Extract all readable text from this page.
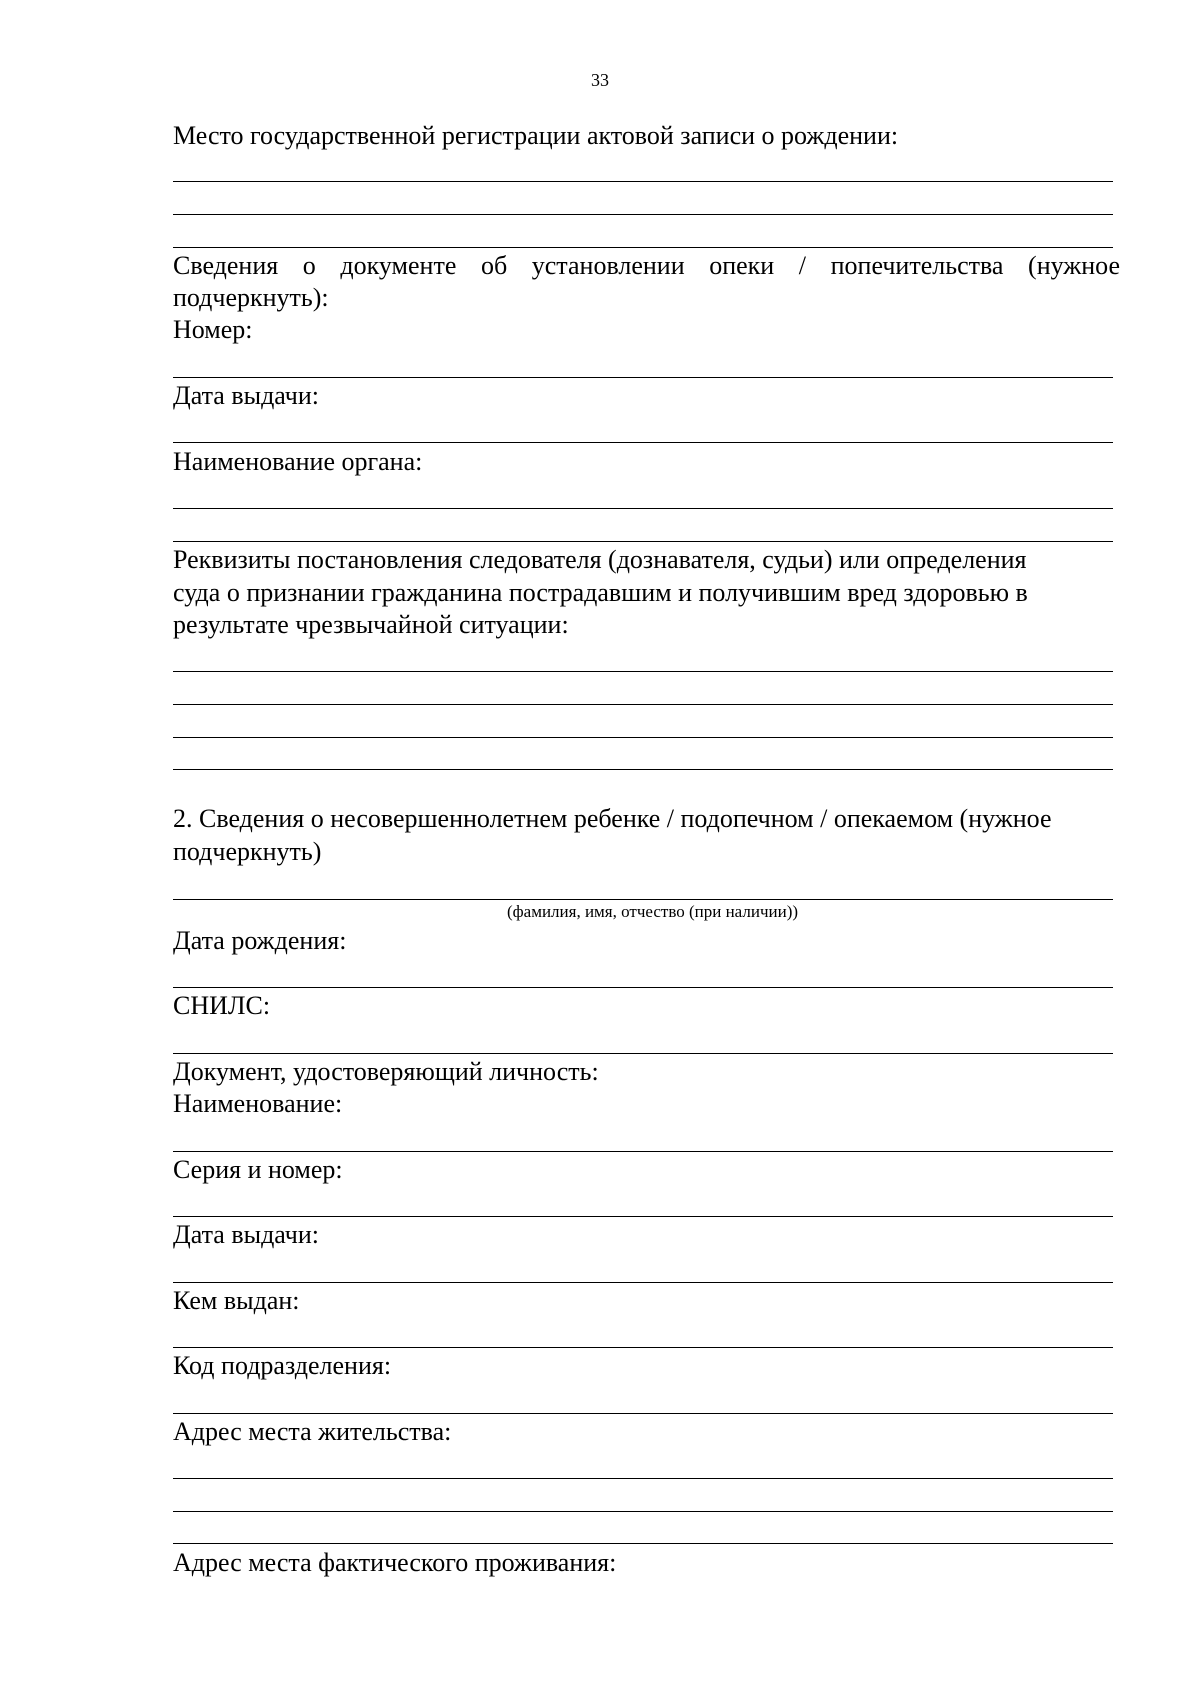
33
Место государственной регистрации актовой записи о рождении:
Сведения о документе об установлении опеки / попечительства (нужное
подчеркнуть):
Номер:
Дата выдачи:
Наименование органа:
Реквизиты постановления следователя (дознавателя, судьи) или определения
суда о признании гражданина пострадавшим и получившим вред здоровью в
результате чрезвычайной ситуации:
2. Сведения о несовершеннолетнем ребенке / подопечном / опекаемом (нужное
подчеркнуть)
(фамилия, имя, отчество (при наличии))
Дата рождения:
СНИЛС:
Документ, удостоверяющий личность:
Наименование:
Серия и номер:
Дата выдачи:
Кем выдан:
Код подразделения:
Адрес места жительства:
Адрес места фактического проживания:
